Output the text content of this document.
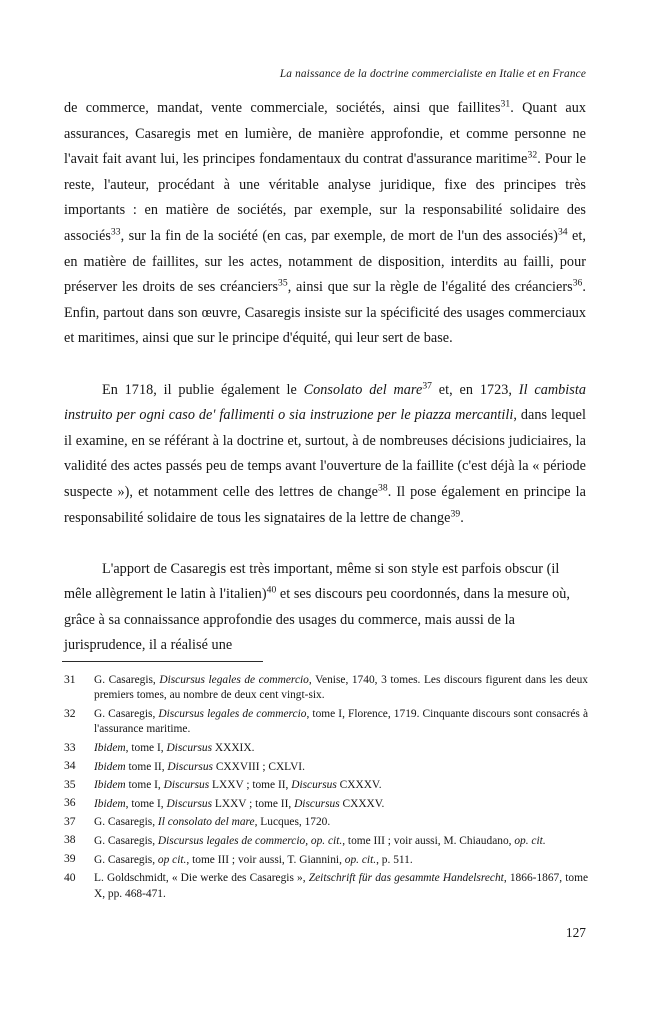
La naissance de la doctrine commercialiste en Italie et en France

de commerce, mandat, vente commerciale, sociétés, ainsi que faillites$^{31}$. Quant aux assurances, Casaregis met en lumière, de manière approfondie, et comme personne ne l'avait fait avant lui, les principes fondamentaux du contrat d'assurance maritime$^{32}$. Pour le reste, l'auteur, procédant à une véritable analyse juridique, fixe des principes très importants : en matière de sociétés, par exemple, sur la responsabilité solidaire des associés$^{33}$, sur la fin de la société (en cas, par exemple, de mort de l'un des associés)$^{34}$ et, en matière de faillites, sur les actes, notamment de disposition, interdits au failli, pour préserver les droits de ses créanciers$^{35}$, ainsi que sur la règle de l'égalité des créanciers$^{36}$. Enfin, partout dans son œuvre, Casaregis insiste sur la spécificité des usages commerciaux et maritimes, ainsi que sur le principe d'équité, qui leur sert de base.

En 1718, il publie également le Consolato del mare$^{37}$ et, en 1723, Il cambista instruito per ogni caso de' fallimenti o sia instruzione per le piazza mercantili, dans lequel il examine, en se référant à la doctrine et, surtout, à de nombreuses décisions judiciaires, la validité des actes passés peu de temps avant l'ouverture de la faillite (c'est déjà la « période suspecte »), et notamment celle des lettres de change$^{38}$. Il pose également en principe la responsabilité solidaire de tous les signataires de la lettre de change$^{39}$.

L'apport de Casaregis est très important, même si son style est parfois obscur (il mêle allègrement le latin à l'italien)$^{40}$ et ses discours peu coordonnés, dans la mesure où, grâce à sa connaissance approfondie des usages du commerce, mais aussi de la jurisprudence, il a réalisé une

31	G. Casaregis, Discursus legales de commercio, Venise, 1740, 3 tomes. Les discours figurent dans les deux premiers tomes, au nombre de deux cent vingt-six.
32	G. Casaregis, Discursus legales de commercio, tome I, Florence, 1719. Cinquante discours sont consacrés à l'assurance maritime.
33	Ibidem, tome I, Discursus XXXIX.
34	Ibidem tome II, Discursus CXXVIII ; CXLVI.
35	Ibidem tome I, Discursus LXXV ; tome II, Discursus CXXXV.
36	Ibidem, tome I, Discursus LXXV ; tome II, Discursus CXXXV.
37	G. Casaregis, Il consolato del mare, Lucques, 1720.
38	G. Casaregis, Discursus legales de commercio, op. cit., tome III ; voir aussi, M. Chiaudano, op. cit.
39	G. Casaregis, op cit., tome III ; voir aussi, T. Giannini, op. cit., p. 511.
40	L. Goldschmidt, « Die werke des Casaregis », Zeitschrift für das gesammte Handelsrecht, 1866-1867, tome X, pp. 468-471.
127
